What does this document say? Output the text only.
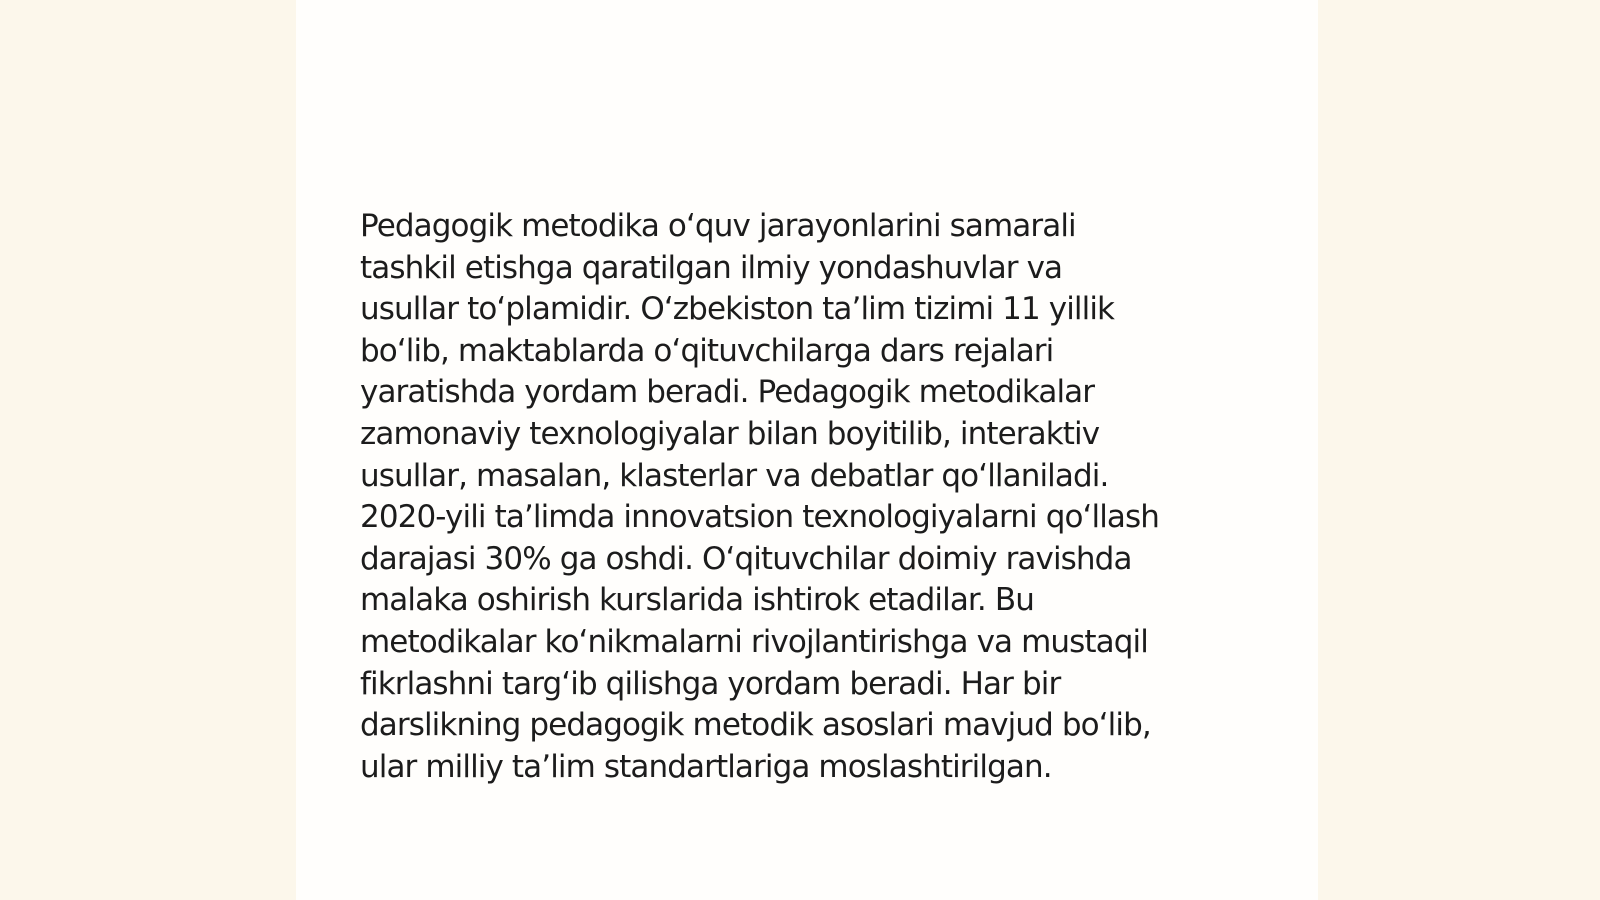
Pedagogik metodika o‘quv jarayonlarini samarali
tashkil etishga qaratilgan ilmiy yondashuvlar va
usullar to‘plamidir. O‘zbekiston ta’lim tizimi 11 yillik
bo‘lib, maktablarda o‘qituvchilarga dars rejalari
yaratishda yordam beradi. Pedagogik metodikalar
zamonaviy texnologiyalar bilan boyitilib, interaktiv
usullar, masalan, klasterlar va debatlar qo‘llaniladi.
2020-yili ta’limda innovatsion texnologiyalarni qo‘llash
darajasi 30% ga oshdi. O‘qituvchilar doimiy ravishda
malaka oshirish kurslarida ishtirok etadilar. Bu
metodikalar ko‘nikmalarni rivojlantirishga va mustaqil
fikrlashni targ‘ib qilishga yordam beradi. Har bir
darslikning pedagogik metodik asoslari mavjud bo‘lib,
ular milliy ta’lim standartlariga moslashtirilgan.
